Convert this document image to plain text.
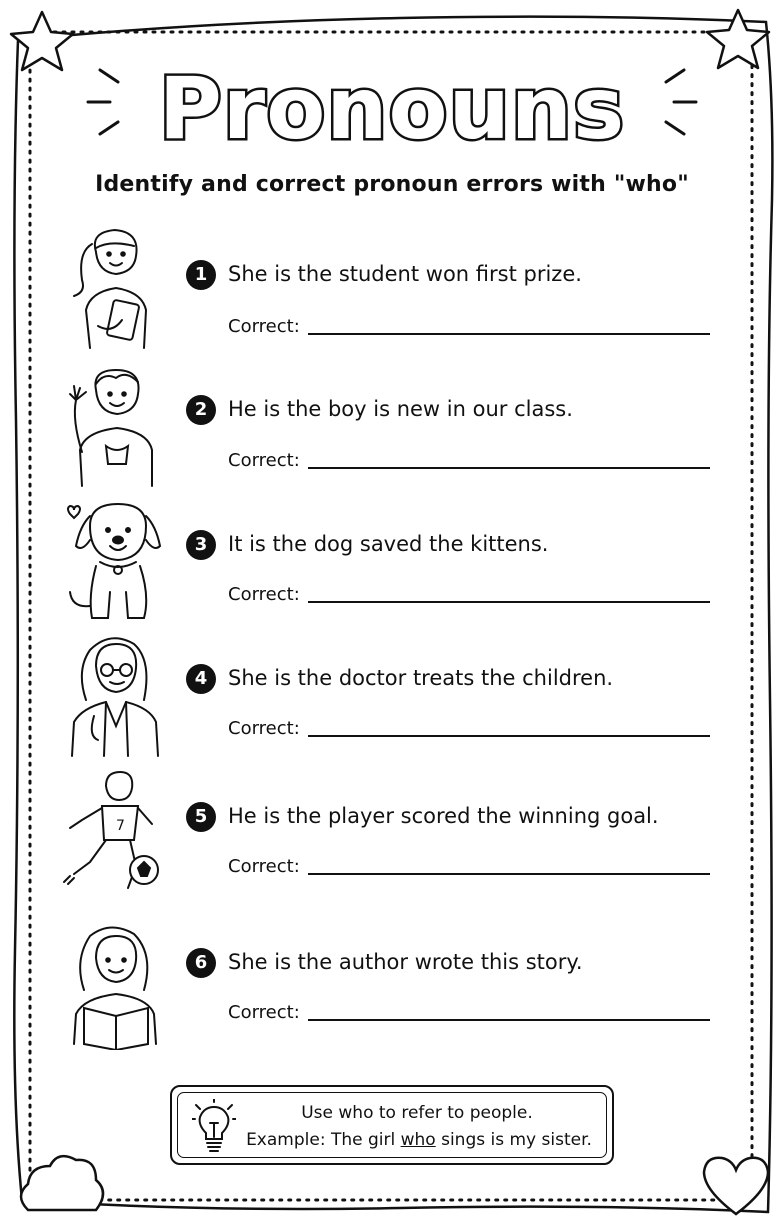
Pronouns
Identify and correct pronoun errors with "who"
1 She is the student won first prize.
Correct:
2 He is the boy is new in our class.
Correct:
3 It is the dog saved the kittens.
Correct:
4 She is the doctor treats the children.
Correct:
7	5 He is the player scored the winning goal.
Correct:
6 She is the author wrote this story.
Correct:
Use who to refer to people.
Example: The girl who sings is my sister.
